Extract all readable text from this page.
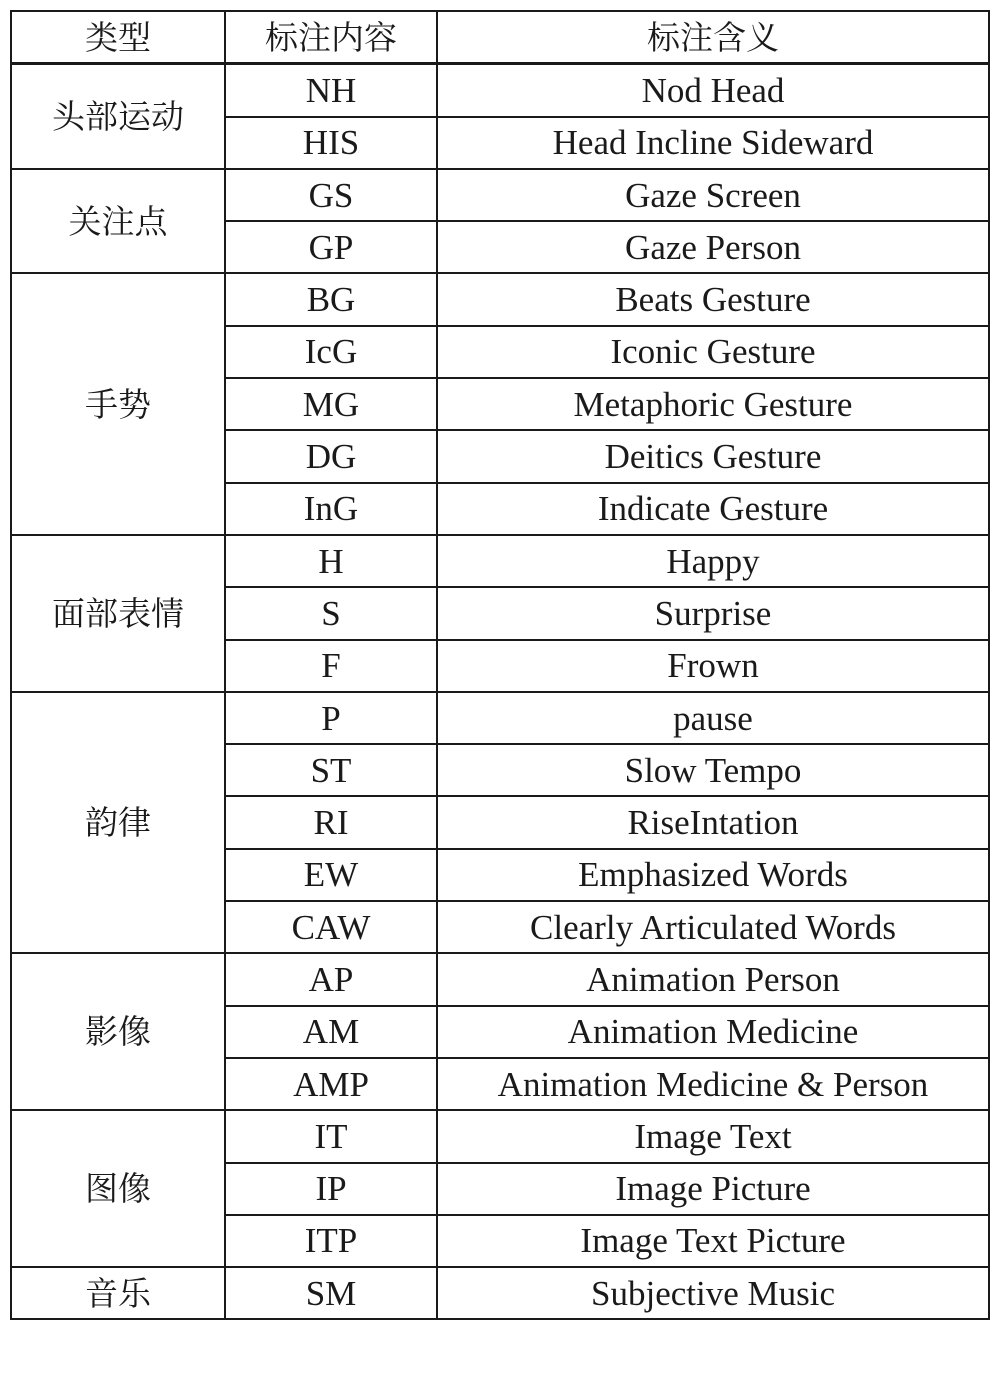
类型	标注内容	标注含义
头部运动	NH	Nod Head
	HIS	Head Incline Sideward
关注点	GS	Gaze Screen
	GP	Gaze Person
手势	BG	Beats Gesture
	IcG	Iconic Gesture
	MG	Metaphoric Gesture
	DG	Deitics Gesture
	InG	Indicate Gesture
面部表情	H	Happy
	S	Surprise
	F	Frown
韵律	P	pause
	ST	Slow Tempo
	RI	RiseIntation
	EW	Emphasized Words
	CAW	Clearly Articulated Words
影像	AP	Animation Person
	AM	Animation Medicine
	AMP	Animation Medicine & Person
图像	IT	Image Text
	IP	Image Picture
	ITP	Image Text Picture
音乐	SM	Subjective Music
